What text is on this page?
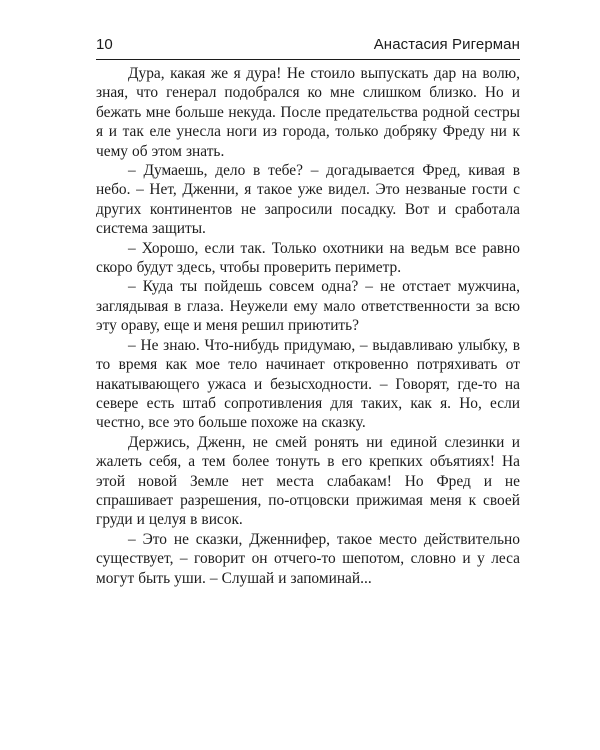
10	Анастасия Ригерман

Дура, какая же я дура! Не стоило выпускать дар на волю, зная, что генерал подобрался ко мне слишком близко. Но и бежать мне больше некуда. После предательства родной сестры я и так еле унесла ноги из города, только добряку Фреду ни к чему об этом знать.

– Думаешь, дело в тебе? – догадывается Фред, кивая в небо. – Нет, Дженни, я такое уже видел. Это незваные гости с других континентов не запросили посадку. Вот и сработала система защиты.

– Хорошо, если так. Только охотники на ведьм все равно скоро будут здесь, чтобы проверить периметр.

– Куда ты пойдешь совсем одна? – не отстает мужчина, заглядывая в глаза. Неужели ему мало ответственности за всю эту ораву, еще и меня решил приютить?

– Не знаю. Что-нибудь придумаю, – выдавливаю улыбку, в то время как мое тело начинает откровенно потряхивать от накатывающего ужаса и безысходности. – Говорят, где-то на севере есть штаб сопротивления для таких, как я. Но, если честно, все это больше похоже на сказку.

Держись, Дженн, не смей ронять ни единой слезинки и жалеть себя, а тем более тонуть в его крепких объятиях! На этой новой Земле нет места слабакам! Но Фред и не спрашивает разрешения, по-отцовски прижимая меня к своей груди и целуя в висок.

– Это не сказки, Дженнифер, такое место действительно существует, – говорит он отчего-то шепотом, словно и у леса могут быть уши. – Слушай и запоминай...
